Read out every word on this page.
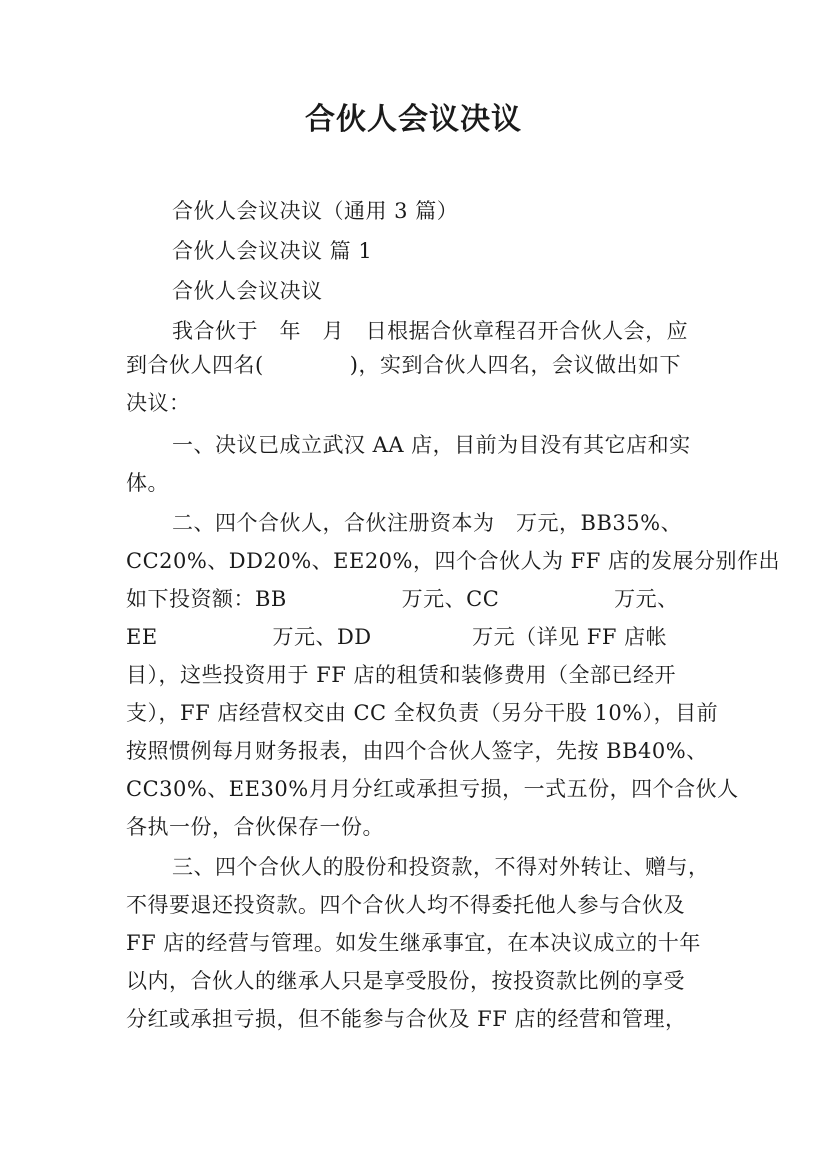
合伙人会议决议
合伙人会议决议（通用 3 篇）
合伙人会议决议 篇 1
合伙人会议决议
我合伙于   年   月   日根据合伙章程召开合伙人会，应
到合伙人四名(            )，实到合伙人四名，会议做出如下
决议：
一、决议已成立武汉 AA 店，目前为目没有其它店和实
体。
二、四个合伙人，合伙注册资本为   万元，BB35%、
CC20%、DD20%、EE20%，四个合伙人为 FF 店的发展分别作出
如下投资额：BB                万元、CC                万元、
EE                万元、DD              万元（详见 FF 店帐
目），这些投资用于 FF 店的租赁和装修费用（全部已经开
支），FF 店经营权交由 CC 全权负责（另分干股 10%），目前
按照惯例每月财务报表，由四个合伙人签字，先按 BB40%、
CC30%、EE30%月月分红或承担亏损，一式五份，四个合伙人
各执一份，合伙保存一份。
三、四个合伙人的股份和投资款，不得对外转让、赠与，
不得要退还投资款。四个合伙人均不得委托他人参与合伙及
FF 店的经营与管理。如发生继承事宜，在本决议成立的十年
以内，合伙人的继承人只是享受股份，按投资款比例的享受
分红或承担亏损，但不能参与合伙及 FF 店的经营和管理，
